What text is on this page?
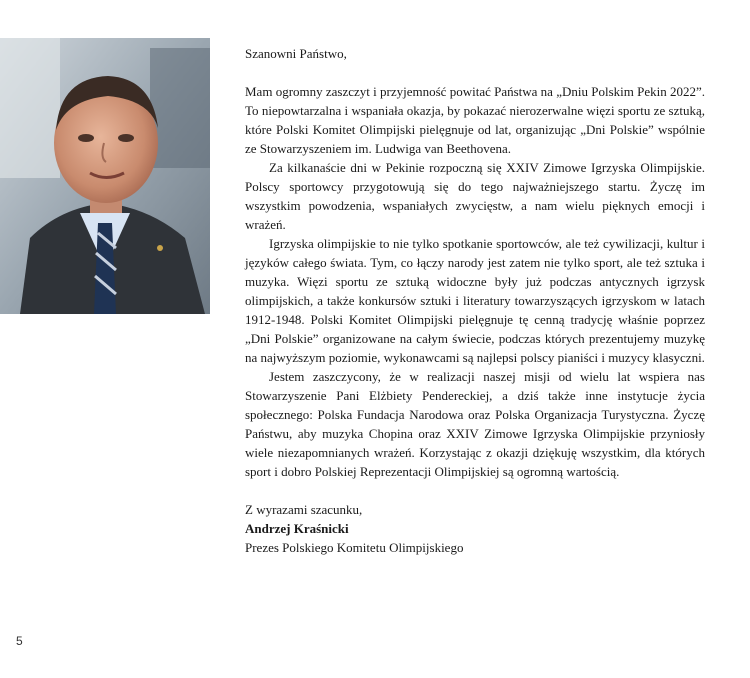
Szanowni Państwo,

Mam ogromny zaszczyt i przyjemność powitać Państwa na „Dniu Polskim Pekin 2022”. To niepowtarzalna i wspaniała okazja, by pokazać nierozerwalne więzi sportu ze sztuką, które Polski Komitet Olimpijski pielęgnuje od lat, organizując „Dni Polskie” wspólnie ze Stowarzyszeniem im. Ludwiga van Beethovena.

Za kilkanaście dni w Pekinie rozpoczną się XXIV Zimowe Igrzyska Olimpijskie. Polscy sportowcy przygotowują się do tego najważniejszego startu. Życzę im wszystkim powodzenia, wspaniałych zwycięstw, a nam wielu pięknych emocji i wrażeń.

Igrzyska olimpijskie to nie tylko spotkanie sportowców, ale też cywilizacji, kultur i języków całego świata. Tym, co łączy narody jest zatem nie tylko sport, ale też sztuka i muzyka. Więzi sportu ze sztuką widoczne były już podczas antycznych igrzysk olimpijskich, a także konkursów sztuki i literatury towarzyszących igrzyskom w latach 1912-1948. Polski Komitet Olimpijski pielęgnuje tę cenną tradycję właśnie poprzez „Dni Polskie” organizowane na całym świecie, podczas których prezentujemy muzykę na najwyższym poziomie, wykonawcami są najlepsi polscy pianiści i muzycy klasyczni.

Jestem zaszczycony, że w realizacji naszej misji od wielu lat wspiera nas Stowarzyszenie Pani Elżbiety Pendereckiej, a dziś także inne instytucje życia społecznego: Polska Fundacja Narodowa oraz Polska Organizacja Turystyczna. Życzę Państwu, aby muzyka Chopina oraz XXIV Zimowe Igrzyska Olimpijskie przyniosły wiele niezapomnianych wrażeń. Korzystając z okazji dziękuję wszystkim, dla których sport i dobro Polskiej Reprezentacji Olimpijskiej są ogromną wartością.

Z wyrazami szacunku,
Andrzej Kraśnicki
Prezes Polskiego Komitetu Olimpijskiego
5
